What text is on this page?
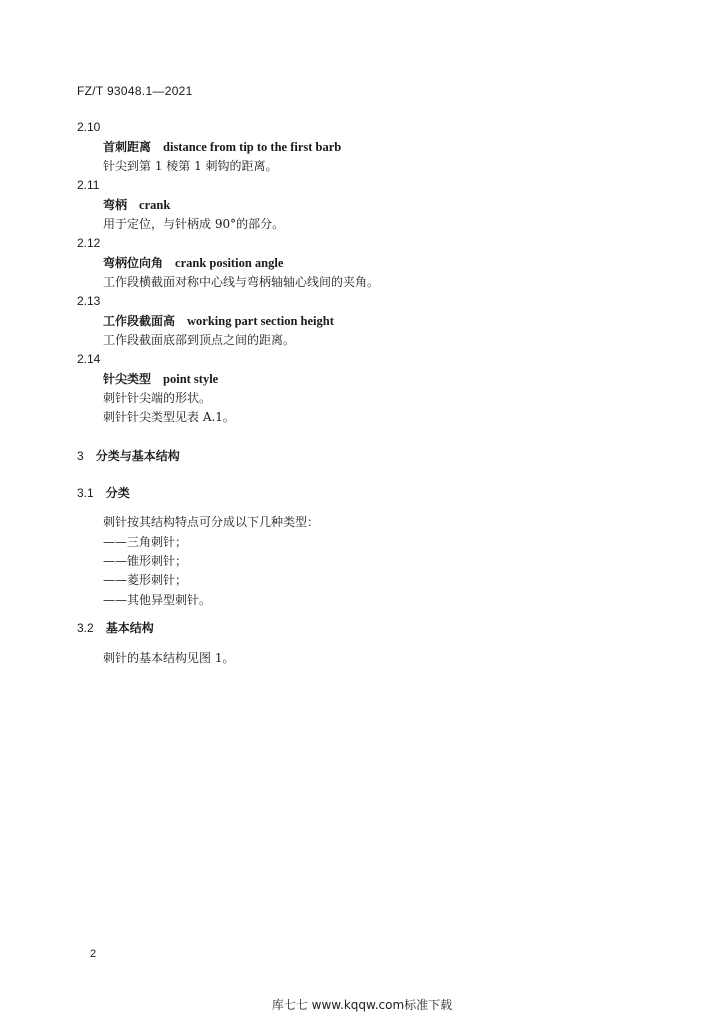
FZ/T 93048.1—2021
2.10
首刺距离 distance from tip to the first barb
针尖到第 1 棱第 1 刺钩的距离。
2.11
弯柄 crank
用于定位，与针柄成 90°的部分。
2.12
弯柄位向角 crank position angle
工作段横截面对称中心线与弯柄轴轴心线间的夹角。
2.13
工作段截面高 working part section height
工作段截面底部到顶点之间的距离。
2.14
针尖类型 point style
刺针针尖端的形状。
刺针针尖类型见表 A.1。
3 分类与基本结构
3.1 分类
刺针按其结构特点可分成以下几种类型：
——三角刺针；
——锥形刺针；
——菱形刺针；
——其他异型刺针。
3.2 基本结构
刺针的基本结构见图 1。
2
库七七 www.kqqw.com标准下载
